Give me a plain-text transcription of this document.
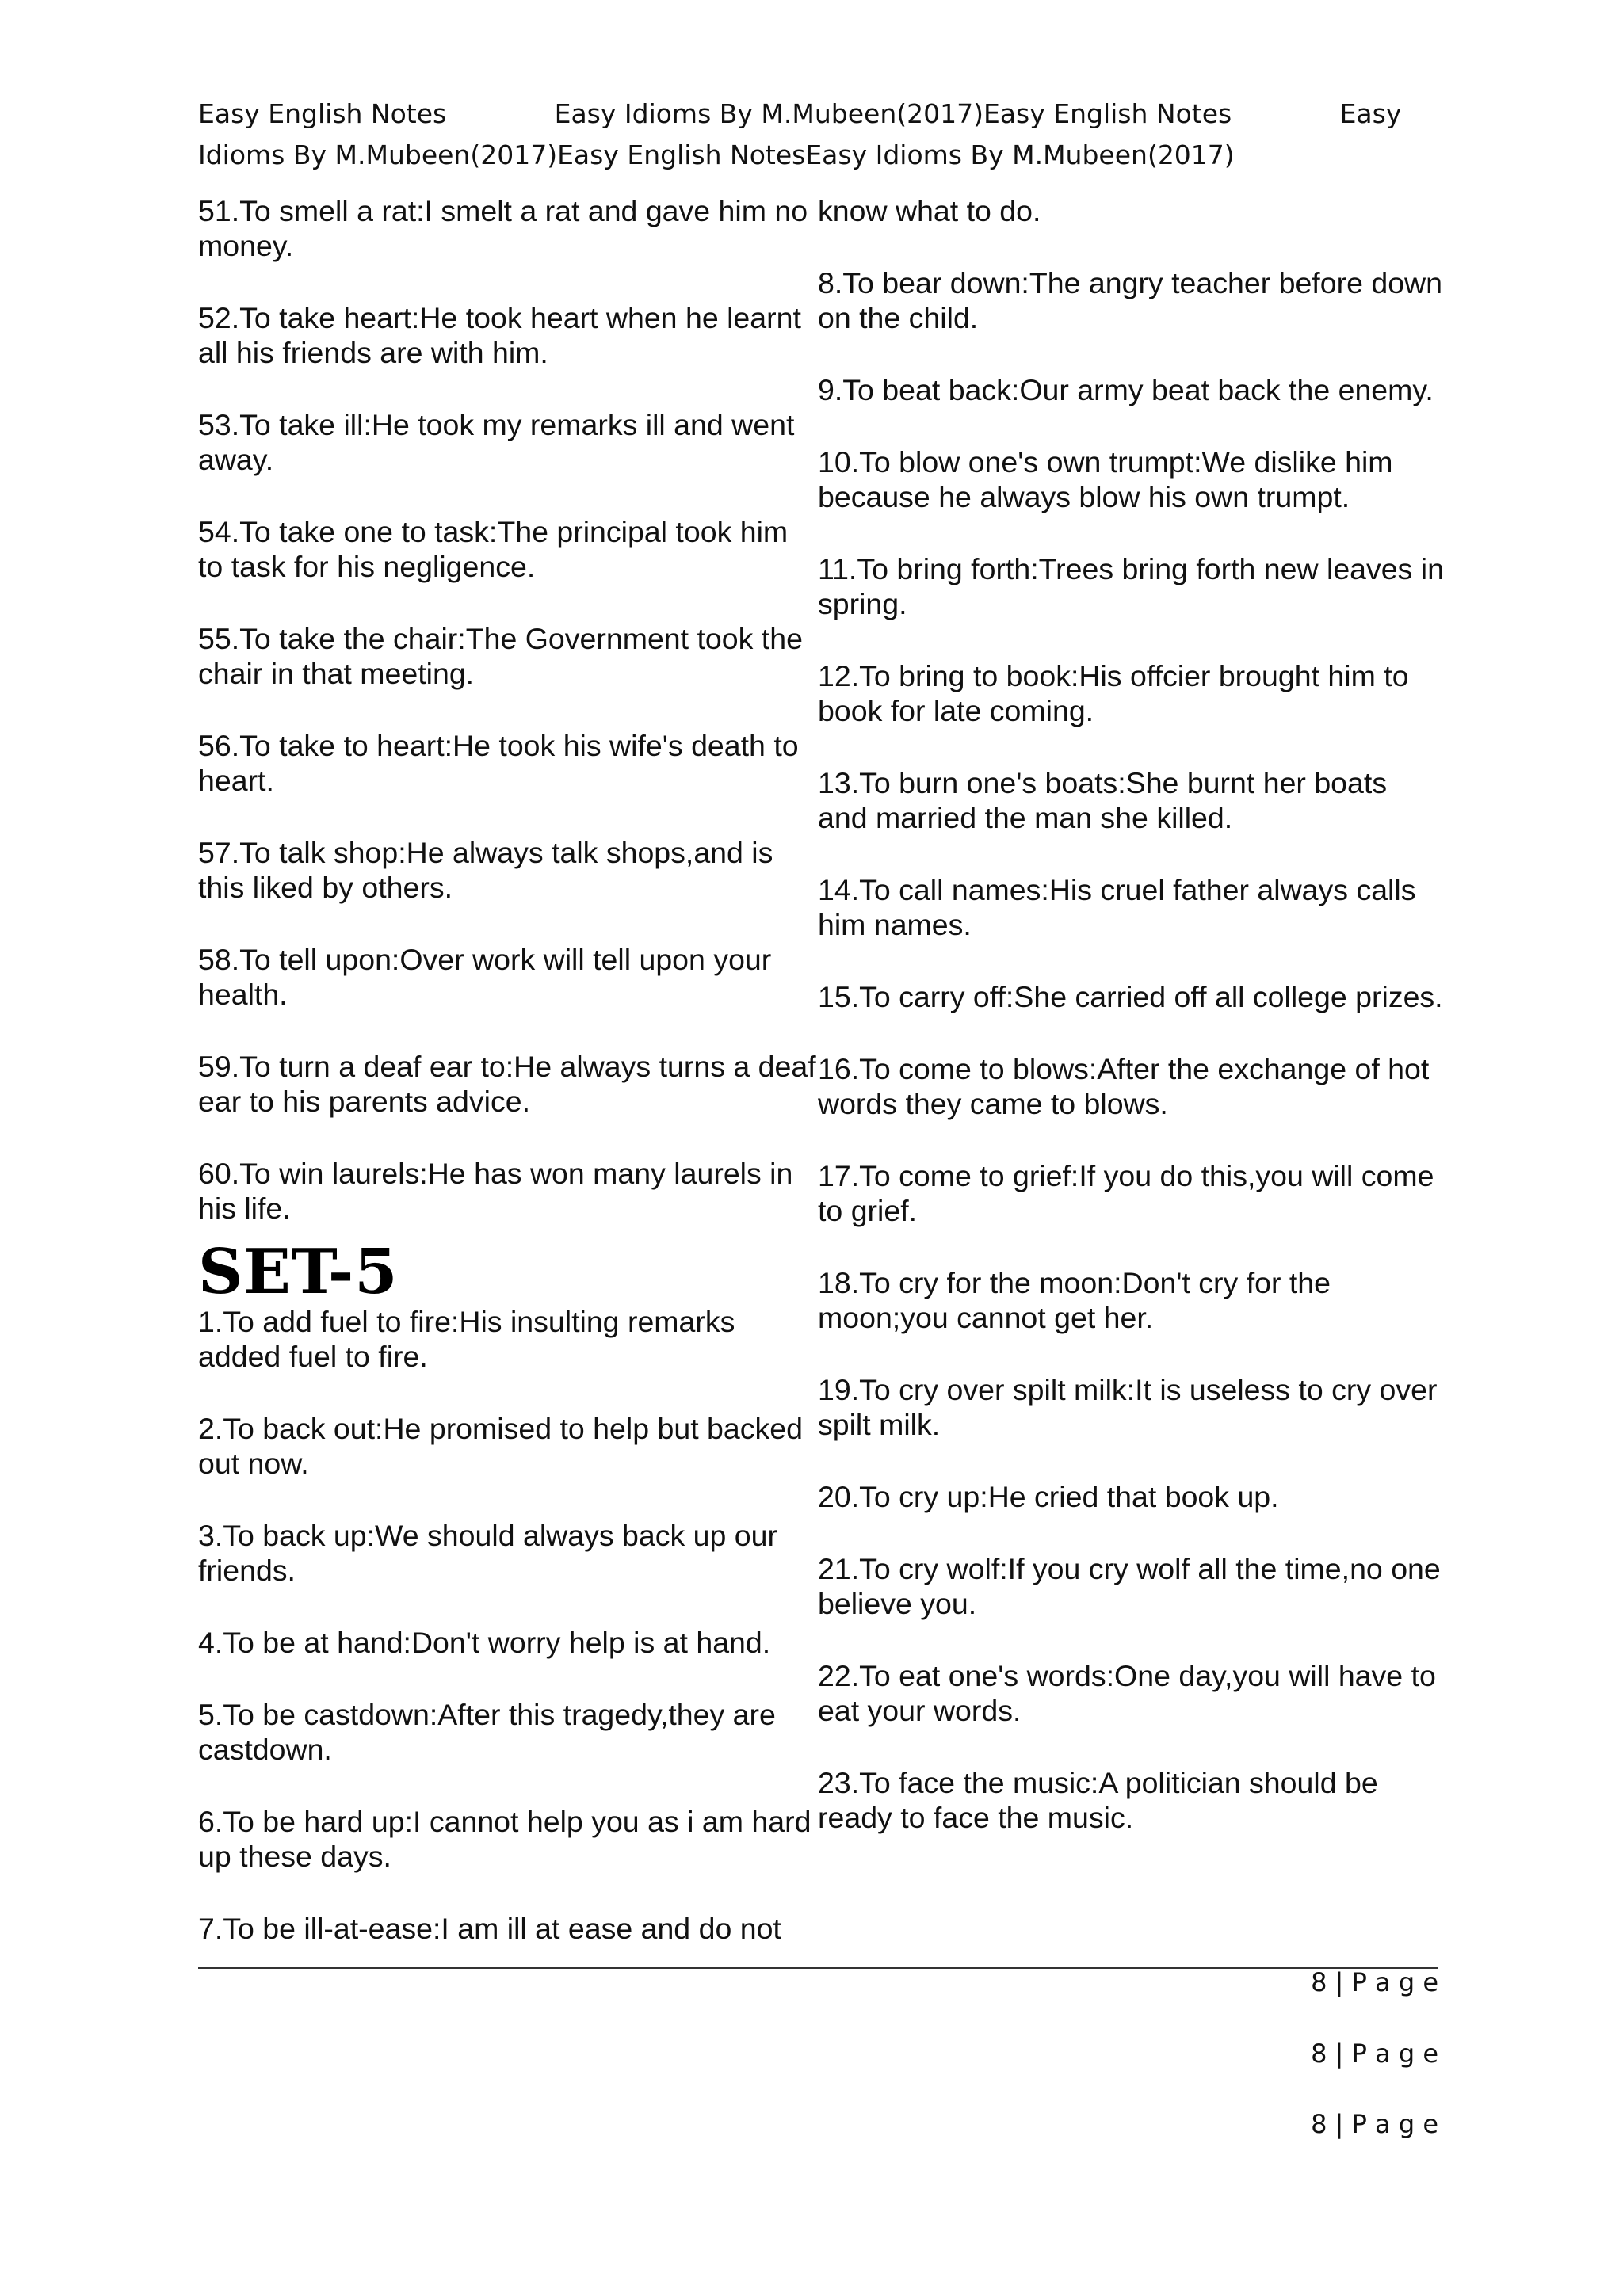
Easy English Notes             Easy Idioms By M.Mubeen(2017)Easy English Notes             Easy Idioms By M.Mubeen(2017)Easy English NotesEasy Idioms By M.Mubeen(2017)
51.To smell a rat:I smelt a rat and gave him no money.
52.To take heart:He took heart when he learnt all his friends are with him.
53.To take ill:He took my remarks ill and went away.
54.To take one to task:The principal took him to task for his negligence.
55.To take the chair:The Government took the chair in that meeting.
56.To take to heart:He took his wife's death to heart.
57.To talk shop:He always talk shops,and is this liked by others.
58.To tell upon:Over work will tell upon your health.
59.To turn a deaf ear to:He always turns a deaf ear to his parents advice.
60.To win laurels:He has won many laurels in his life.
SET-5
1.To add fuel to fire:His insulting remarks added fuel to fire.
2.To back out:He promised to help but backed out now.
3.To back up:We should always back up our friends.
4.To be at hand:Don't worry help is at hand.
5.To be castdown:After this tragedy,they are castdown.
6.To be hard up:I cannot help you as i am hard up these days.
7.To be ill-at-ease:I am ill at ease and do not
know what to do.
8.To bear down:The angry teacher before down on the child.
9.To beat back:Our army beat back the enemy.
10.To blow one's own trumpt:We dislike him because he always blow his own trumpt.
11.To bring forth:Trees bring forth new leaves in spring.
12.To bring to book:His offcier brought him to book for late coming.
13.To burn one's boats:She burnt her boats and married the man she killed.
14.To call names:His cruel father always calls him names.
15.To carry off:She carried off all college prizes.
16.To come to blows:After the exchange of hot words they came to blows.
17.To come to grief:If you do this,you will come to grief.
18.To cry for the moon:Don't cry for the moon;you cannot get her.
19.To cry over spilt milk:It is useless to cry over spilt milk.
20.To cry up:He cried that book up.
21.To cry wolf:If you cry wolf all the time,no one believe you.
22.To eat one's words:One day,you will have to eat your words.
23.To face the music:A politician should be ready to face the music.
8 | P a g e
8 | P a g e
8 | P a g e
